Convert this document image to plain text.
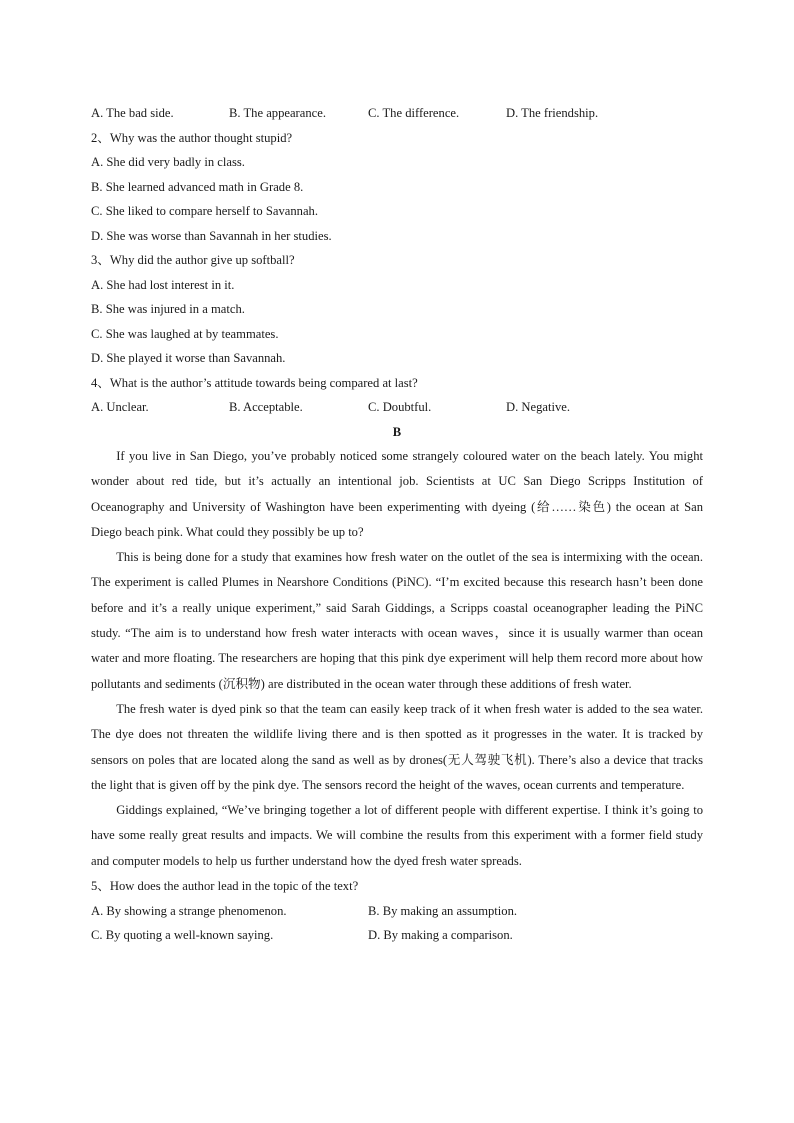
A. The bad side.	B. The appearance.	C. The difference.	D. The friendship.
2、Why was the author thought stupid?
A. She did very badly in class.
B. She learned advanced math in Grade 8.
C. She liked to compare herself to Savannah.
D. She was worse than Savannah in her studies.
3、Why did the author give up softball?
A. She had lost interest in it.
B. She was injured in a match.
C. She was laughed at by teammates.
D. She played it worse than Savannah.
4、What is the author’s attitude towards being compared at last?
A. Unclear.	B. Acceptable.	C. Doubtful.	D. Negative.
B

If you live in San Diego, you’ve probably noticed some strangely coloured water on the beach lately. You might wonder about red tide, but it’s actually an intentional job. Scientists at UC San Diego Scripps Institution of Oceanography and University of Washington have been experimenting with dyeing (给……染色) the ocean at San Diego beach pink. What could they possibly be up to?

This is being done for a study that examines how fresh water on the outlet of the sea is intermixing with the ocean. The experiment is called Plumes in Nearshore Conditions (PiNC). “I’m excited because this research hasn’t been done before and it’s a really unique experiment,” said Sarah Giddings, a Scripps coastal oceanographer leading the PiNC study. “The aim is to understand how fresh water interacts with ocean waves，since it is usually warmer than ocean water and more floating. The researchers are hoping that this pink dye experiment will help them record more about how pollutants and sediments (沉积物) are distributed in the ocean water through these additions of fresh water.

The fresh water is dyed pink so that the team can easily keep track of it when fresh water is added to the sea water. The dye does not threaten the wildlife living there and is then spotted as it progresses in the water. It is tracked by sensors on poles that are located along the sand as well as by drones(无人驾驶飞机). There’s also a device that tracks the light that is given off by the pink dye. The sensors record the height of the waves, ocean currents and temperature.

Giddings explained, “We’ve bringing together a lot of different people with different expertise. I think it’s going to have some really great results and impacts. We will combine the results from this experiment with a former field study and computer models to help us further understand how the dyed fresh water spreads.

5、How does the author lead in the topic of the text?
A. By showing a strange phenomenon.	B. By making an assumption.
C. By quoting a well-known saying.	D. By making a comparison.
